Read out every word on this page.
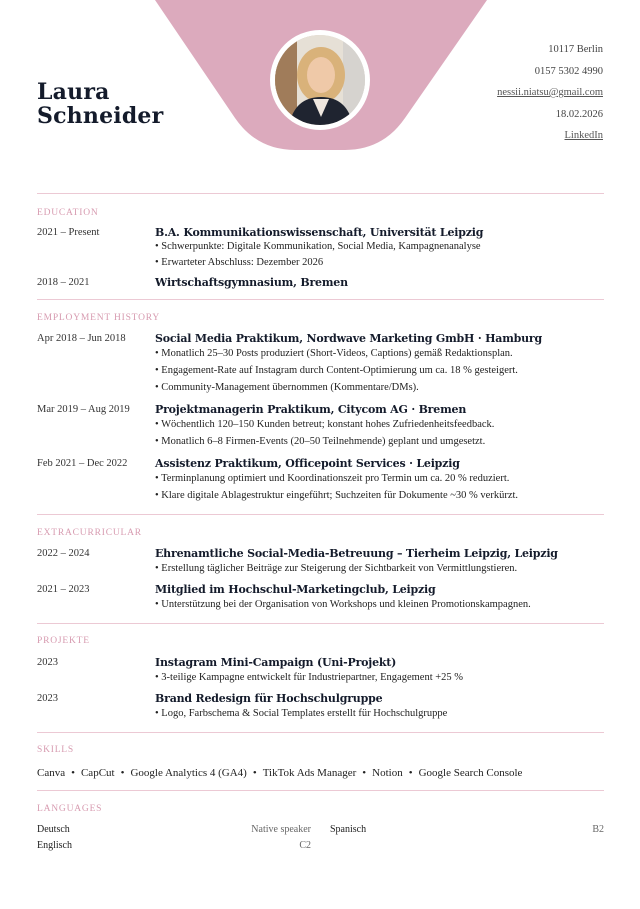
Laura
Schneider
10117 Berlin
0157 5302 4990
nessii.niatsu@gmail.com
18.02.2026
LinkedIn
EDUCATION
2021 – Present	B.A. Kommunikationswissenschaft, Universität Leipzig
• Schwerpunkte: Digitale Kommunikation, Social Media, Kampagnenanalyse
• Erwarteter Abschluss: Dezember 2026
2018 – 2021	Wirtschaftsgymnasium, Bremen
EMPLOYMENT HISTORY
Apr 2018 – Jun 2018	Social Media Praktikum, Nordwave Marketing GmbH · Hamburg
• Monatlich 25–30 Posts produziert (Short-Videos, Captions) gemäß Redaktionsplan.
• Engagement-Rate auf Instagram durch Content-Optimierung um ca. 18 % gesteigert.
• Community-Management übernommen (Kommentare/DMs).
Mar 2019 – Aug 2019 Projektmanagerin Praktikum, Citycom AG · Bremen
• Wöchentlich 120–150 Kunden betreut; konstant hohes Zufriedenheitsfeedback.
• Monatlich 6–8 Firmen-Events (20–50 Teilnehmende) geplant und umgesetzt.
Feb 2021 – Dec 2022	Assistenz Praktikum, Officepoint Services · Leipzig
• Terminplanung optimiert und Koordinationszeit pro Termin um ca. 20 % reduziert.
• Klare digitale Ablagestruktur eingeführt; Suchzeiten für Dokumente ~30 % verkürzt.
EXTRACURRICULAR
2022 – 2024	Ehrenamtliche Social-Media-Betreuung – Tierheim Leipzig, Leipzig
• Erstellung täglicher Beiträge zur Steigerung der Sichtbarkeit von Vermittlungstieren.
2021 – 2023	Mitglied im Hochschul-Marketingclub, Leipzig
• Unterstützung bei der Organisation von Workshops und kleinen Promotionskampagnen.
PROJEKTE
2023	Instagram Mini-Campaign (Uni-Projekt)
• 3-teilige Kampagne entwickelt für Industriepartner, Engagement +25 %
2023	Brand Redesign für Hochschulgruppe
• Logo, Farbschema & Social Templates erstellt für Hochschulgruppe
SKILLS
Canva • CapCut • Google Analytics 4 (GA4) • TikTok Ads Manager • Notion • Google Search Console
LANGUAGES
Deutsch	Native speaker Spanisch	B2
Englisch	C2
